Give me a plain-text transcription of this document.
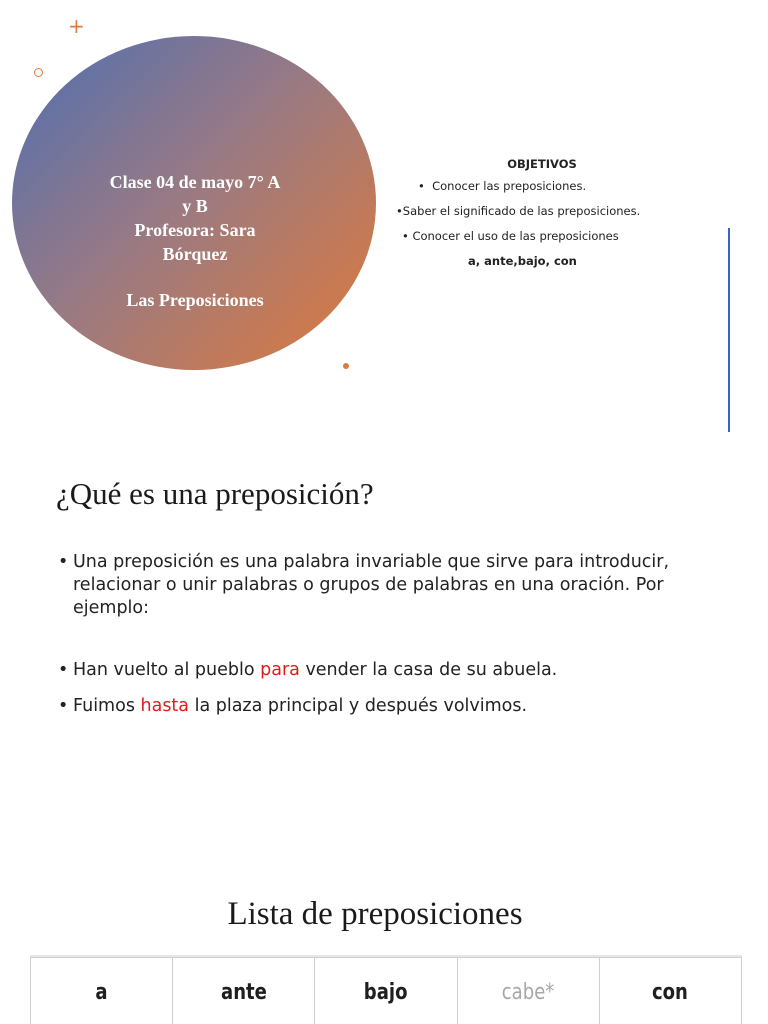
+
Clase 04 de mayo 7° A
y B
Profesora: Sara
Bórquez
Las Preposiciones
OBJETIVOS
•  Conocer las preposiciones.
•Saber el significado de las preposiciones.
• Conocer el uso de las preposiciones
a, ante,bajo, con
¿Qué es una preposición?
• Una preposición es una palabra invariable que sirve para introducir, relacionar o unir palabras o grupos de palabras en una oración. Por ejemplo:
• Han vuelto al pueblo para vender la casa de su abuela.
• Fuimos hasta la plaza principal y después volvimos.
Lista de preposiciones
a	ante	bajo	cabe*	con
